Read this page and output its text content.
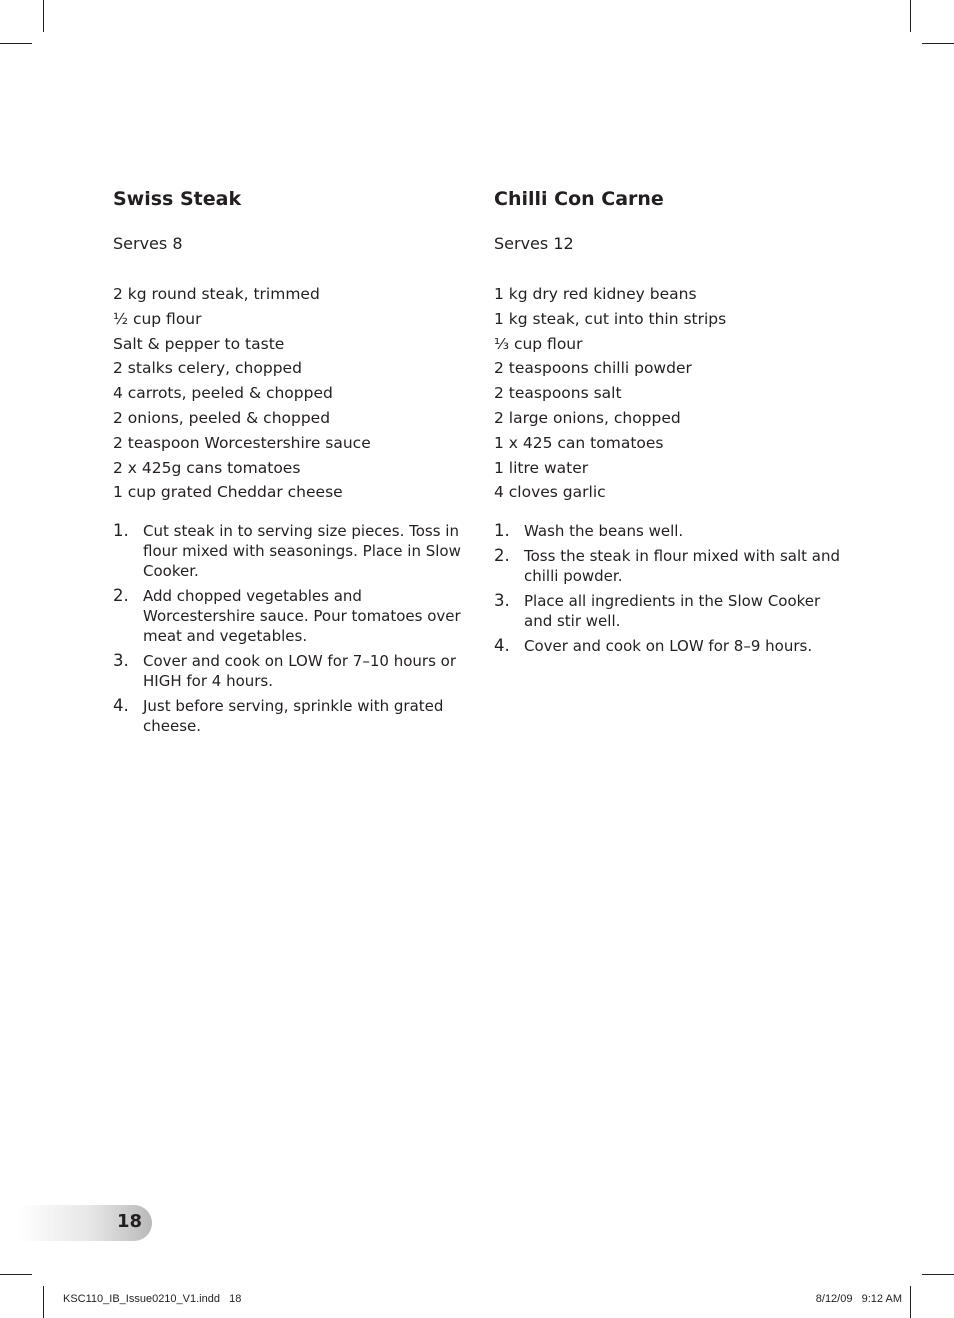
Swiss Steak
Serves 8
2 kg round steak, trimmed
½ cup flour
Salt & pepper to taste
2 stalks celery, chopped
4 carrots, peeled & chopped
2 onions, peeled & chopped
2 teaspoon Worcestershire sauce
2 x 425g cans tomatoes
1 cup grated Cheddar cheese
1. Cut steak in to serving size pieces. Toss in flour mixed with seasonings. Place in Slow Cooker.
2. Add chopped vegetables and Worcestershire sauce. Pour tomatoes over meat and vegetables.
3. Cover and cook on LOW for 7–10 hours or HIGH for 4 hours.
4. Just before serving, sprinkle with grated cheese.
Chilli Con Carne
Serves 12
1 kg dry red kidney beans
1 kg steak, cut into thin strips
⅓ cup flour
2 teaspoons chilli powder
2 teaspoons salt
2 large onions, chopped
1 x 425 can tomatoes
1 litre water
4 cloves garlic
1. Wash the beans well.
2. Toss the steak in flour mixed with salt and chilli powder.
3. Place all ingredients in the Slow Cooker and stir well.
4. Cover and cook on LOW for 8–9 hours.
18
KSC110_IB_Issue0210_V1.indd   18	8/12/09   9:12 AM
